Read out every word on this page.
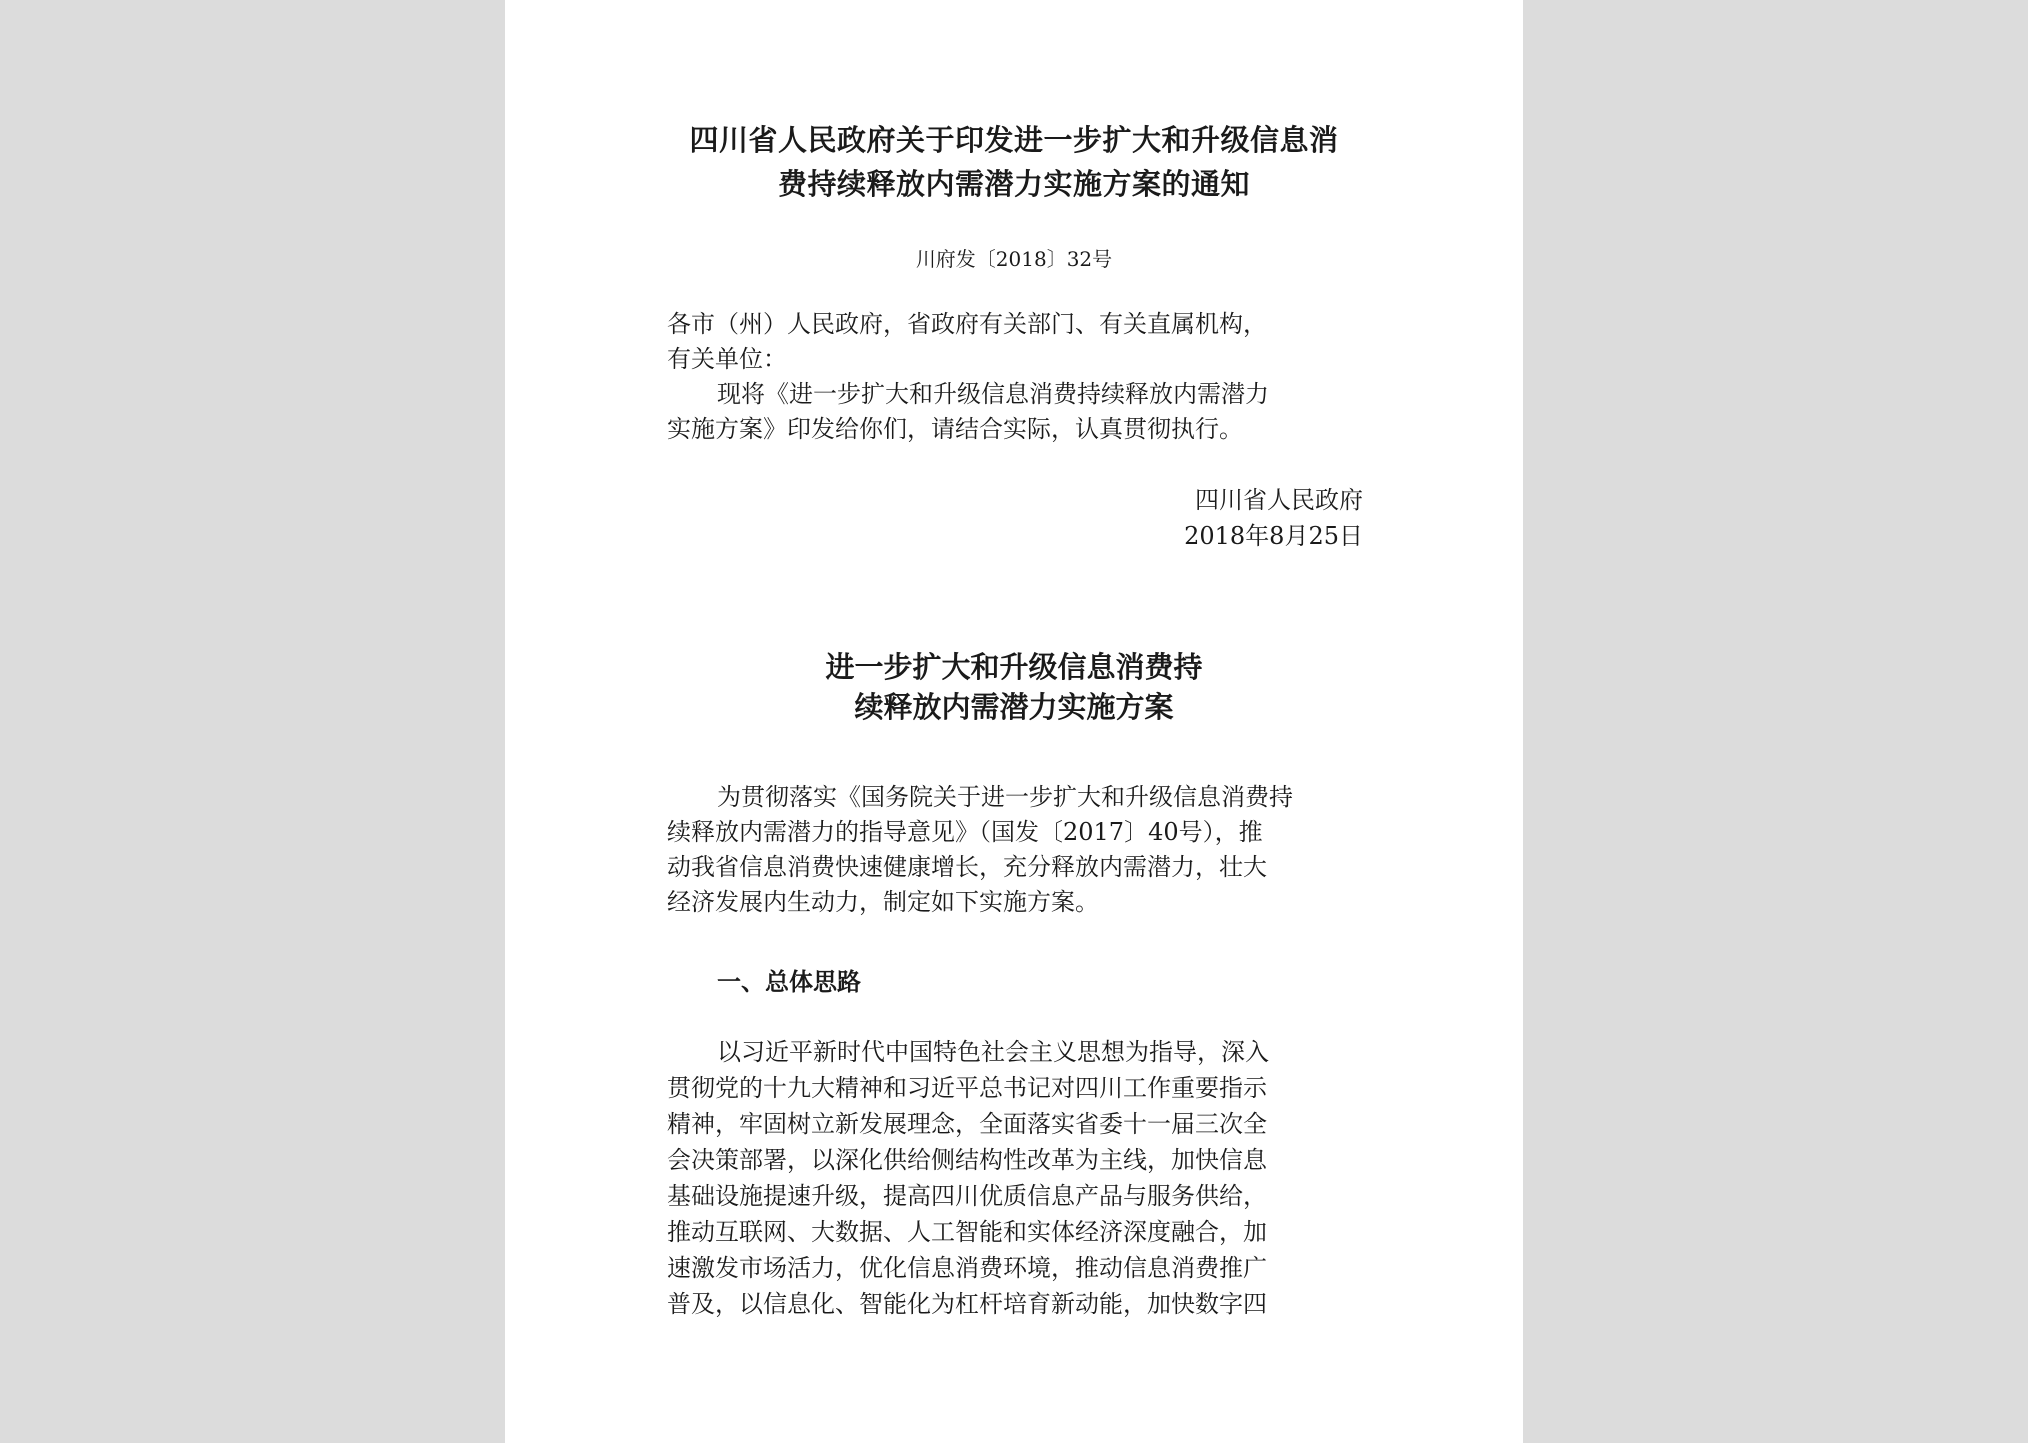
四川省人民政府关于印发进一步扩大和升级信息消
费持续释放内需潜力实施方案的通知
川府发〔2018〕32号

各市（州）人民政府，省政府有关部门、有关直属机构，
有关单位：

现将《进一步扩大和升级信息消费持续释放内需潜力
实施方案》印发给你们，请结合实际，认真贯彻执行。

四川省人民政府
2018年8月25日
进一步扩大和升级信息消费持
续释放内需潜力实施方案

为贯彻落实《国务院关于进一步扩大和升级信息消费持
续释放内需潜力的指导意见》（国发〔2017〕40号），推
动我省信息消费快速健康增长，充分释放内需潜力，壮大
经济发展内生动力，制定如下实施方案。

一、总体思路

以习近平新时代中国特色社会主义思想为指导，深入
贯彻党的十九大精神和习近平总书记对四川工作重要指示
精神，牢固树立新发展理念，全面落实省委十一届三次全
会决策部署，以深化供给侧结构性改革为主线，加快信息
基础设施提速升级，提高四川优质信息产品与服务供给，
推动互联网、大数据、人工智能和实体经济深度融合，加
速激发市场活力，优化信息消费环境，推动信息消费推广
普及，以信息化、智能化为杠杆培育新动能，加快数字四
